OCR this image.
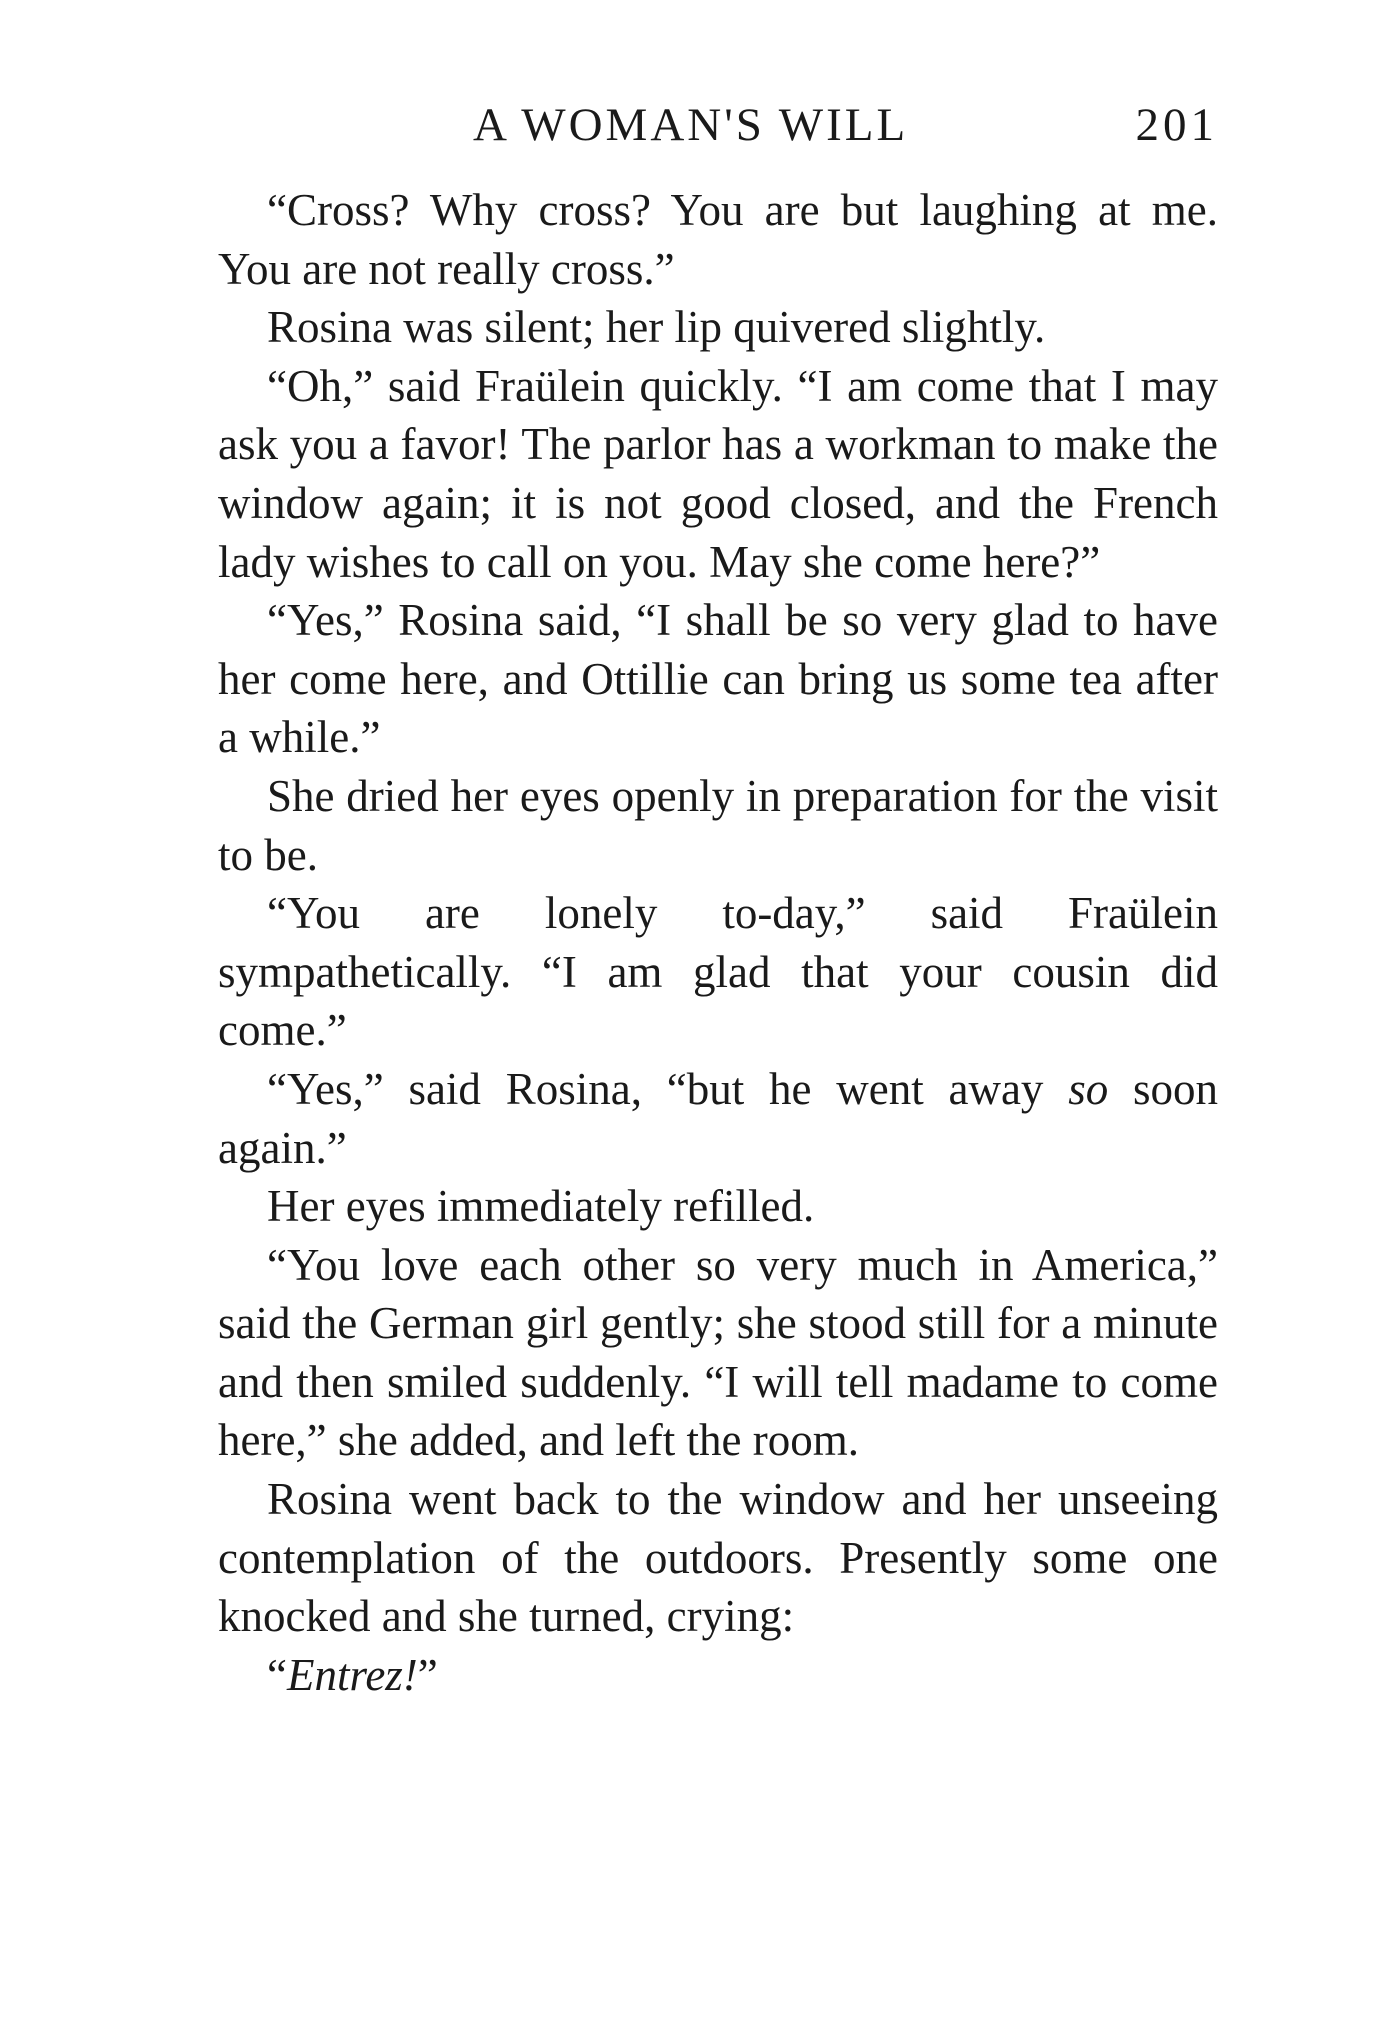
A WOMAN'S WILL	201

“Cross? Why cross? You are but laughing at me. You are not really cross.”

Rosina was silent; her lip quivered slightly.

“Oh,” said Fraülein quickly. “I am come that I may ask you a favor! The parlor has a workman to make the window again; it is not good closed, and the French lady wishes to call on you. May she come here?”

“Yes,” Rosina said, “I shall be so very glad to have her come here, and Ottillie can bring us some tea after a while.”

She dried her eyes openly in preparation for the visit to be.

“You are lonely to-day,” said Fraülein sympathetically. “I am glad that your cousin did come.”

“Yes,” said Rosina, “but he went away so soon again.”

Her eyes immediately refilled.

“You love each other so very much in America,” said the German girl gently; she stood still for a minute and then smiled suddenly. “I will tell madame to come here,” she added, and left the room.

Rosina went back to the window and her unseeing contemplation of the outdoors. Presently some one knocked and she turned, crying:

“Entrez!”
